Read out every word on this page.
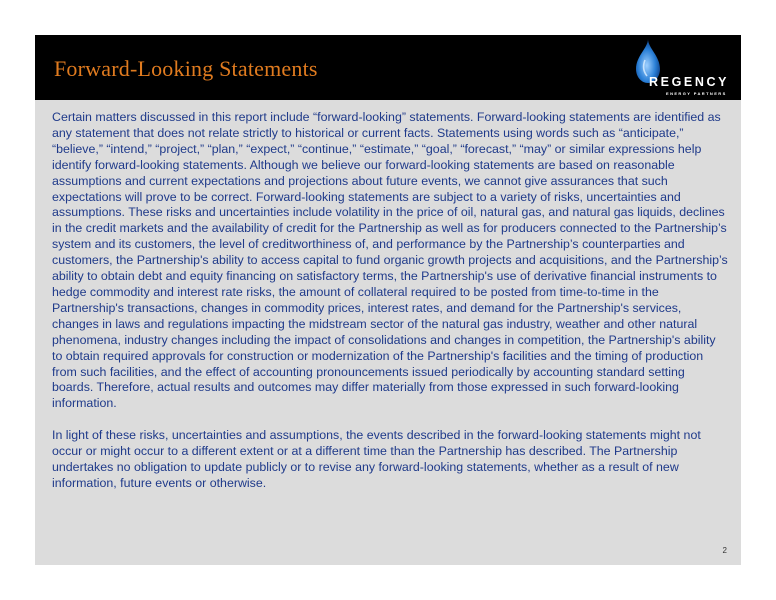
Forward-Looking Statements
REGENCY
ENERGY PARTNERS

Certain matters discussed in this report include “forward-looking” statements. Forward-looking statements are identified as any statement that does not relate strictly to historical or current facts. Statements using words such as “anticipate,” “believe,” “intend,” “project,” “plan,” “expect,” “continue,” “estimate,” “goal,” “forecast,” “may” or similar expressions help identify forward-looking statements. Although we believe our forward-looking statements are based on reasonable assumptions and current expectations and projections about future events, we cannot give assurances that such expectations will prove to be correct. Forward-looking statements are subject to a variety of risks, uncertainties and assumptions. These risks and uncertainties include volatility in the price of oil, natural gas, and natural gas liquids, declines in the credit markets and the availability of credit for the Partnership as well as for producers connected to the Partnership’s system and its customers, the level of creditworthiness of, and performance by the Partnership’s counterparties and customers, the Partnership's ability to access capital to fund organic growth projects and acquisitions, and the Partnership’s ability to obtain debt and equity financing on satisfactory terms, the Partnership's use of derivative financial instruments to hedge commodity and interest rate risks, the amount of collateral required to be posted from time-to-time in the Partnership's transactions, changes in commodity prices, interest rates, and demand for the Partnership's services, changes in laws and regulations impacting the midstream sector of the natural gas industry, weather and other natural phenomena, industry changes including the impact of consolidations and changes in competition, the Partnership's ability to obtain required approvals for construction or modernization of the Partnership's facilities and the timing of production from such facilities, and the effect of accounting pronouncements issued periodically by accounting standard setting boards. Therefore, actual results and outcomes may differ materially from those expressed in such forward-looking information.

In light of these risks, uncertainties and assumptions, the events described in the forward-looking statements might not occur or might occur to a different extent or at a different time than the Partnership has described. The Partnership undertakes no obligation to update publicly or to revise any forward-looking statements, whether as a result of new information, future events or otherwise.

2
